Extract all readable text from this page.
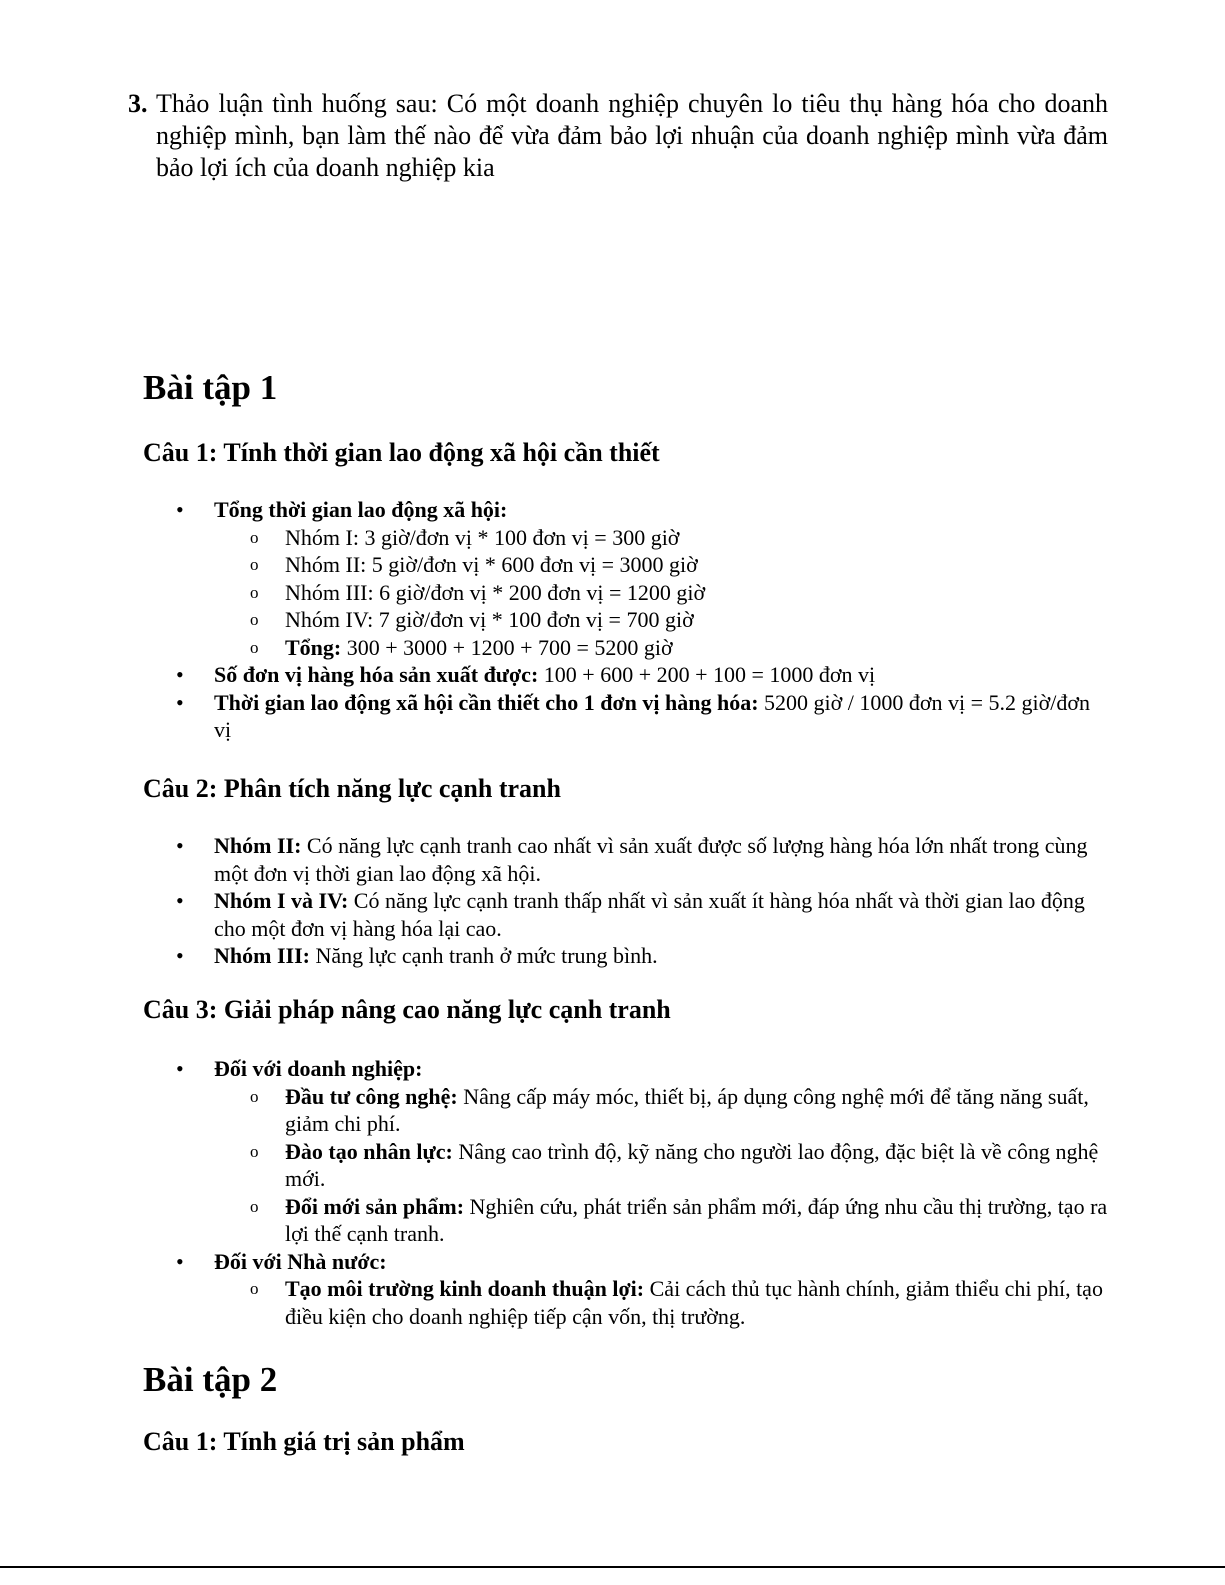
3. Thảo luận tình huống sau: Có một doanh nghiệp chuyên lo tiêu thụ hàng hóa cho doanh nghiệp mình, bạn làm thế nào để vừa đảm bảo lợi nhuận của doanh nghiệp mình vừa đảm bảo lợi ích của doanh nghiệp kia
Bài tập 1
Câu 1: Tính thời gian lao động xã hội cần thiết
• Tổng thời gian lao động xã hội:
o Nhóm I: 3 giờ/đơn vị * 100 đơn vị = 300 giờ
o Nhóm II: 5 giờ/đơn vị * 600 đơn vị = 3000 giờ
o Nhóm III: 6 giờ/đơn vị * 200 đơn vị = 1200 giờ
o Nhóm IV: 7 giờ/đơn vị * 100 đơn vị = 700 giờ
o Tổng: 300 + 3000 + 1200 + 700 = 5200 giờ
• Số đơn vị hàng hóa sản xuất được: 100 + 600 + 200 + 100 = 1000 đơn vị
• Thời gian lao động xã hội cần thiết cho 1 đơn vị hàng hóa: 5200 giờ / 1000 đơn vị = 5.2 giờ/đơn vị
Câu 2: Phân tích năng lực cạnh tranh
• Nhóm II: Có năng lực cạnh tranh cao nhất vì sản xuất được số lượng hàng hóa lớn nhất trong cùng một đơn vị thời gian lao động xã hội.
• Nhóm I và IV: Có năng lực cạnh tranh thấp nhất vì sản xuất ít hàng hóa nhất và thời gian lao động cho một đơn vị hàng hóa lại cao.
• Nhóm III: Năng lực cạnh tranh ở mức trung bình.
Câu 3: Giải pháp nâng cao năng lực cạnh tranh
• Đối với doanh nghiệp:
o Đầu tư công nghệ: Nâng cấp máy móc, thiết bị, áp dụng công nghệ mới để tăng năng suất, giảm chi phí.
o Đào tạo nhân lực: Nâng cao trình độ, kỹ năng cho người lao động, đặc biệt là về công nghệ mới.
o Đổi mới sản phẩm: Nghiên cứu, phát triển sản phẩm mới, đáp ứng nhu cầu thị trường, tạo ra lợi thế cạnh tranh.
• Đối với Nhà nước:
o Tạo môi trường kinh doanh thuận lợi: Cải cách thủ tục hành chính, giảm thiểu chi phí, tạo điều kiện cho doanh nghiệp tiếp cận vốn, thị trường.
Bài tập 2
Câu 1: Tính giá trị sản phẩm
